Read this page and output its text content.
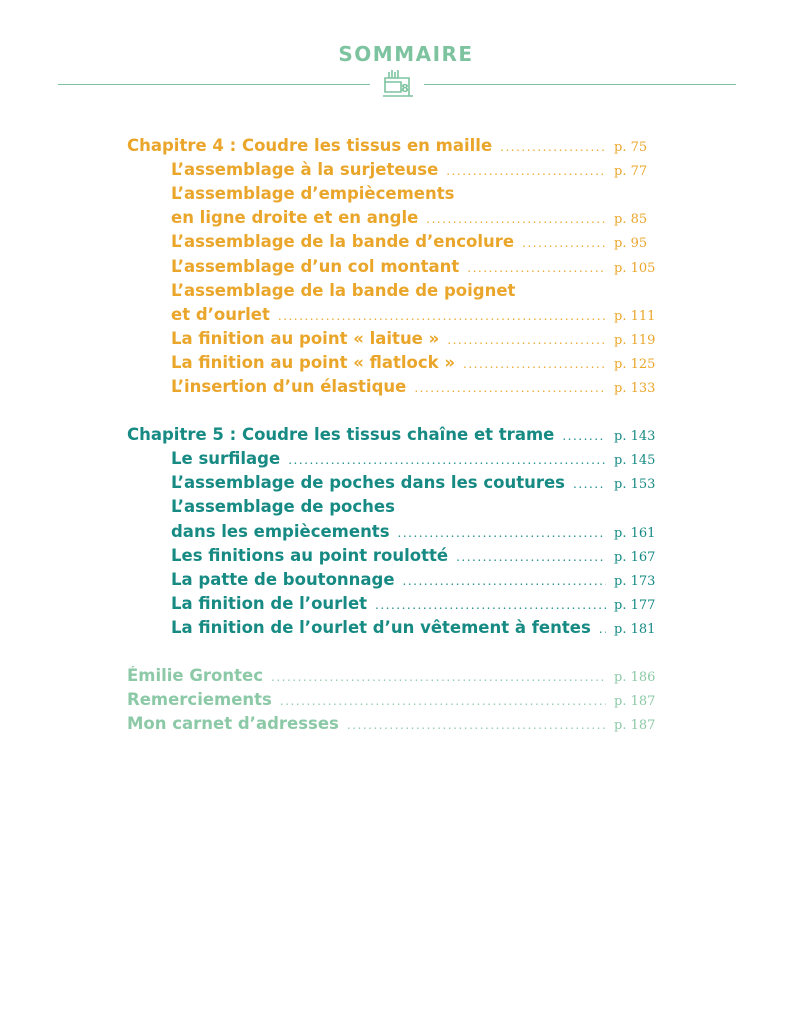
SOMMAIRE
8
Chapitre 4 : Coudre les tissus en maille .....	p. 75
L’assemblage à la surjeteuse .....	p. 77
L’assemblage d’empiècements
en ligne droite et en angle .....	p. 85
L’assemblage de la bande d’encolure .....	p. 95
L’assemblage d’un col montant .....	p. 105
L’assemblage de la bande de poignet
et d’ourlet .....	p. 111
La finition au point « laitue » .....	p. 119
La finition au point « flatlock » .....	p. 125
L’insertion d’un élastique .....	p. 133
Chapitre 5 : Coudre les tissus chaîne et trame .....	p. 143
Le surfilage .....	p. 145
L’assemblage de poches dans les coutures .....	p. 153
L’assemblage de poches
dans les empiècements .....	p. 161
Les finitions au point roulotté .....	p. 167
La patte de boutonnage .....	p. 173
La finition de l’ourlet .....	p. 177
La finition de l’ourlet d’un vêtement à fentes ..... p. 181
Émilie Grontec .....	p. 186
Remerciements .....	p. 187
Mon carnet d’adresses .....	p. 187
